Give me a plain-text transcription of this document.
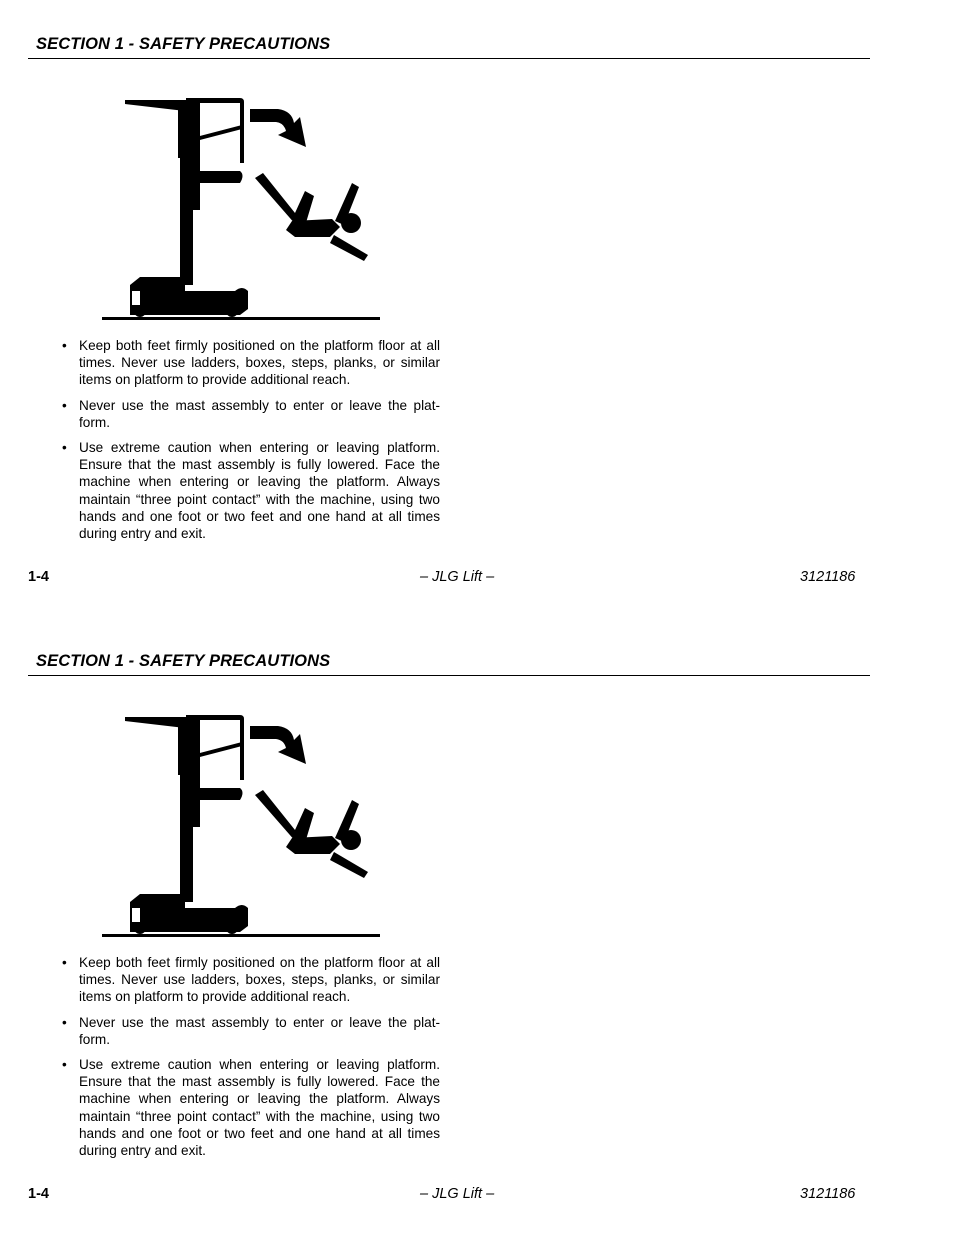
SECTION 1 - SAFETY PRECAUTIONS
• Keep both feet firmly positioned on the platform floor at all times. Never use ladders, boxes, steps, planks, or similar items on platform to provide additional reach.
• Never use the mast assembly to enter or leave the plat-form.
• Use extreme caution when entering or leaving platform. Ensure that the mast assembly is fully lowered. Face the machine when entering or leaving the platform. Always maintain “three point contact” with the machine, using two hands and one foot or two feet and one hand at all times during entry and exit.
1-4	– JLG Lift –	3121186
SECTION 1 - SAFETY PRECAUTIONS
• Keep both feet firmly positioned on the platform floor at all times. Never use ladders, boxes, steps, planks, or similar items on platform to provide additional reach.
• Never use the mast assembly to enter or leave the plat-form.
• Use extreme caution when entering or leaving platform. Ensure that the mast assembly is fully lowered. Face the machine when entering or leaving the platform. Always maintain “three point contact” with the machine, using two hands and one foot or two feet and one hand at all times during entry and exit.
1-4	– JLG Lift –	3121186
